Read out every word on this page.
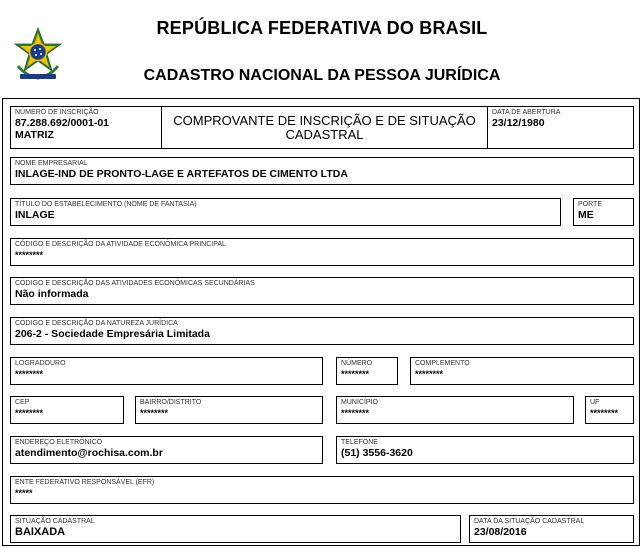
REPÚBLICA FEDERATIVA DO BRASIL
CADASTRO NACIONAL DA PESSOA JURÍDICA
NÚMERO DE INSCRIÇÃO
87.288.692/0001-01
MATRIZ
COMPROVANTE DE INSCRIÇÃO E DE SITUAÇÃO CADASTRAL
DATA DE ABERTURA
23/12/1980
NOME EMPRESARIAL
INLAGE-IND DE PRONTO-LAGE E ARTEFATOS DE CIMENTO LTDA
TÍTULO DO ESTABELECIMENTO (NOME DE FANTASIA)
INLAGE
PORTE
ME
CÓDIGO E DESCRIÇÃO DA ATIVIDADE ECONÔMICA PRINCIPAL
********
CÓDIGO E DESCRIÇÃO DAS ATIVIDADES ECONÔMICAS SECUNDÁRIAS
Não informada
CÓDIGO E DESCRIÇÃO DA NATUREZA JURÍDICA
206-2 - Sociedade Empresária Limitada
LOGRADOURO
********
NÚMERO
********
COMPLEMENTO
********
CEP
********
BAIRRO/DISTRITO
********
MUNICÍPIO
********
UF
********
ENDEREÇO ELETRÔNICO
atendimento@rochisa.com.br
TELEFONE
(51) 3556-3620
ENTE FEDERATIVO RESPONSÁVEL (EFR)
*****
SITUAÇÃO CADASTRAL
BAIXADA
DATA DA SITUAÇÃO CADASTRAL
23/08/2016
